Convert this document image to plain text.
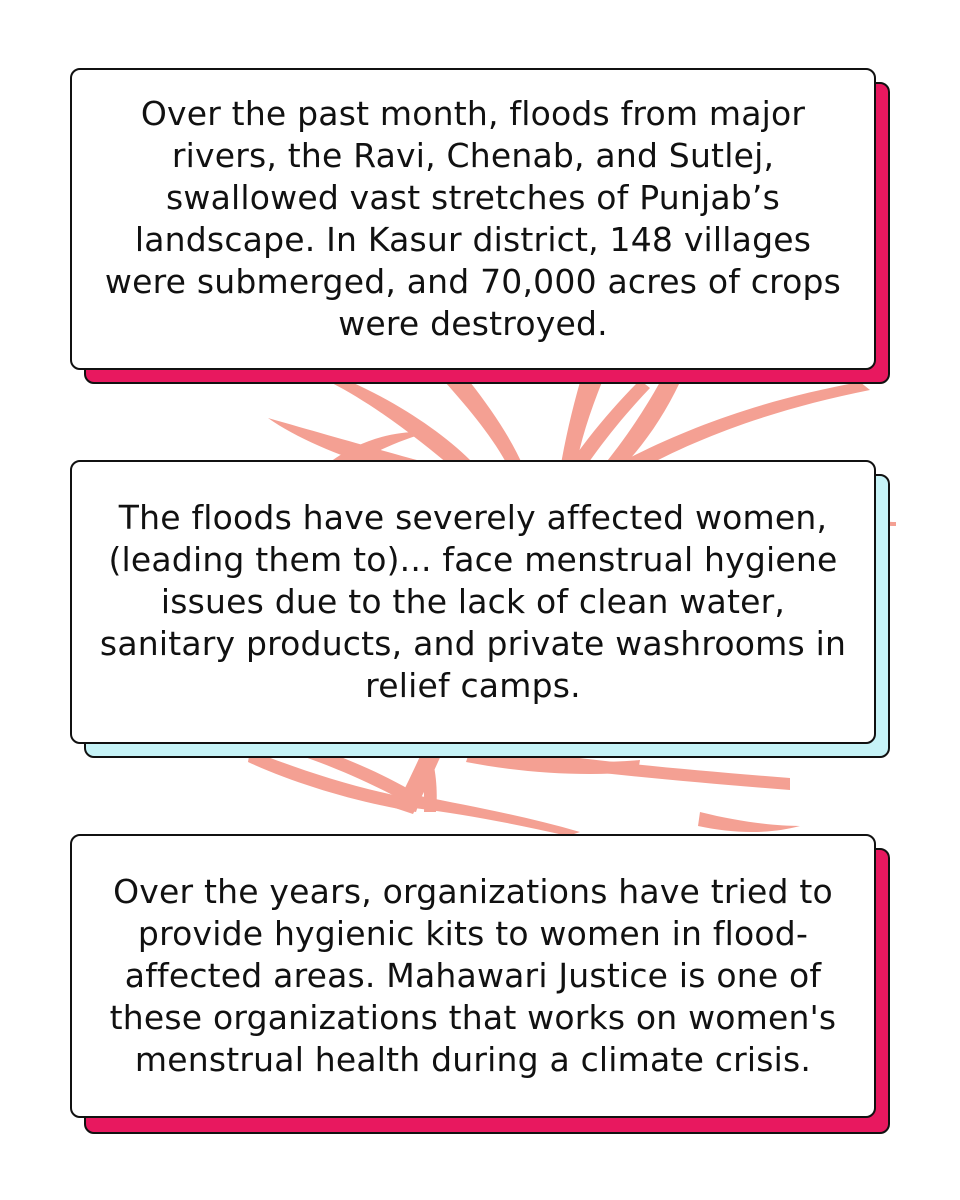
Over the past month, floods from major rivers, the Ravi, Chenab, and Sutlej, swallowed vast stretches of Punjab’s landscape. In Kasur district, 148 villages were submerged, and 70,000 acres of crops were destroyed.

The floods have severely affected women, (leading them to)... face menstrual hygiene issues due to the lack of clean water, sanitary products, and private washrooms in relief camps.

Over the years, organizations have tried to provide hygienic kits to women in flood-affected areas. Mahawari Justice is one of these organizations that works on women's menstrual health during a climate crisis.
